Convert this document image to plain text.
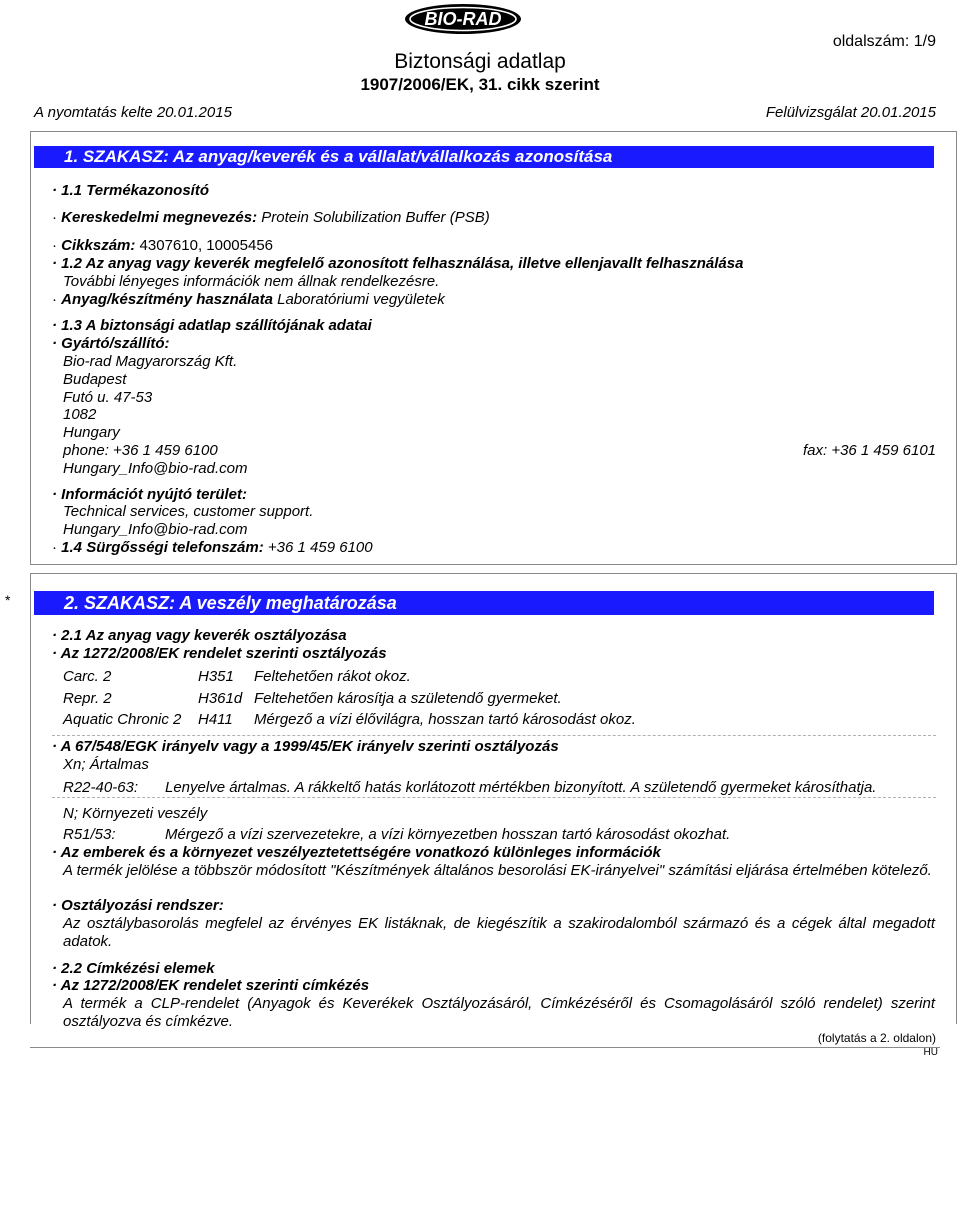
BIO-RAD
Biztonsági adatlap
1907/2006/EK, 31. cikk szerint
oldalszám: 1/9
A nyomtatás kelte 20.01.2015	Felülvizsgálat 20.01.2015
1. SZAKASZ: Az anyag/keverék és a vállalat/vállalkozás azonosítása
· 1.1 Termékazonosító
· Kereskedelmi megnevezés: Protein Solubilization Buffer (PSB)
· Cikkszám: 4307610, 10005456
· 1.2 Az anyag vagy keverék megfelelő azonosított felhasználása, illetve ellenjavallt felhasználása
További lényeges információk nem állnak rendelkezésre.
· Anyag/készítmény használata Laboratóriumi vegyületek
· 1.3 A biztonsági adatlap szállítójának adatai
· Gyártó/szállító:
Bio-rad Magyarország Kft.
Budapest
Futó u. 47-53
1082
Hungary
phone: +36 1 459 6100	fax: +36 1 459 6101
Hungary_Info@bio-rad.com
· Információt nyújtó terület:
Technical services, customer support.
Hungary_Info@bio-rad.com
· 1.4 Sürgősségi telefonszám: +36 1 459 6100
*	2. SZAKASZ: A veszély meghatározása
· 2.1 Az anyag vagy keverék osztályozása
· Az 1272/2008/EK rendelet szerinti osztályozás
Carc. 2	H351 Feltehetően rákot okoz.
Repr. 2	H361d Feltehetően károsítja a születendő gyermeket.
Aquatic Chronic 2 H411 Mérgező a vízi élővilágra, hosszan tartó károsodást okoz.
· A 67/548/EGK irányelv vagy a 1999/45/EK irányelv szerinti osztályozás
Xn; Ártalmas
R22-40-63: Lenyelve ártalmas. A rákkeltő hatás korlátozott mértékben bizonyított. A születendő gyermeket károsíthatja.
N; Környezeti veszély
R51/53:	Mérgező a vízi szervezetekre, a vízi környezetben hosszan tartó károsodást okozhat.
· Az emberek és a környezet veszélyeztetettségére vonatkozó különleges információk
A termék jelölése a többször módosított "Készítmények általános besorolási EK-irányelvei" számítási eljárása értelmében kötelező.
· Osztályozási rendszer:
Az osztálybasorolás megfelel az érvényes EK listáknak, de kiegészítik a szakirodalomból származó és a cégek által megadott adatok.
· 2.2 Címkézési elemek
· Az 1272/2008/EK rendelet szerinti címkézés
A termék a CLP-rendelet (Anyagok és Keverékek Osztályozásáról, Címkézéséről és Csomagolásáról szóló rendelet) szerint osztályozva és címkézve.
(folytatás a 2. oldalon)
HU
